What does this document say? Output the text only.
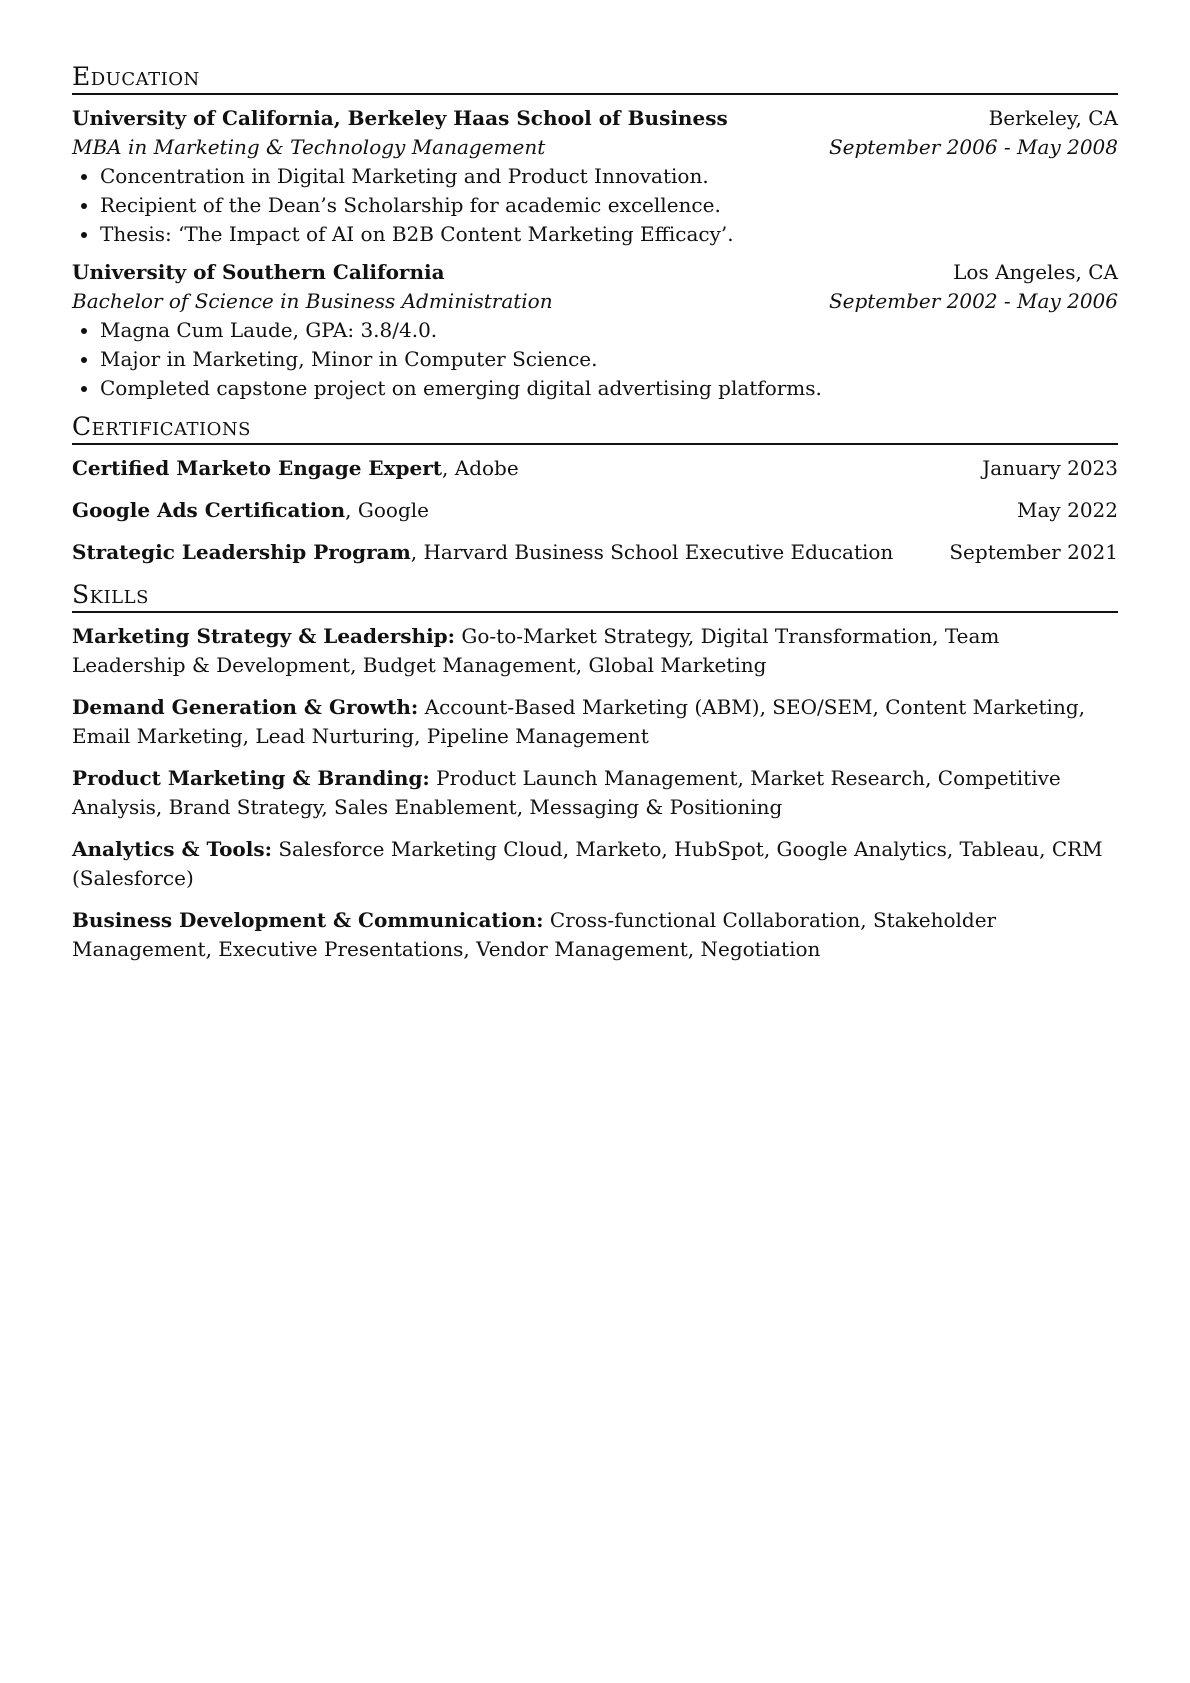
Education
University of California, Berkeley Haas School of Business	Berkeley, CA
MBA in Marketing & Technology Management	September 2006 - May 2008
• Concentration in Digital Marketing and Product Innovation.
• Recipient of the Dean’s Scholarship for academic excellence.
• Thesis: ‘The Impact of AI on B2B Content Marketing Efficacy’.
University of Southern California	Los Angeles, CA
Bachelor of Science in Business Administration	September 2002 - May 2006
• Magna Cum Laude, GPA: 3.8/4.0.
• Major in Marketing, Minor in Computer Science.
• Completed capstone project on emerging digital advertising platforms.
Certifications
Certified Marketo Engage Expert, Adobe	January 2023
Google Ads Certification, Google	May 2022
Strategic Leadership Program, Harvard Business School Executive Education	September 2021
Skills
Marketing Strategy & Leadership: Go-to-Market Strategy, Digital Transformation, Team Leadership & Development, Budget Management, Global Marketing
Demand Generation & Growth: Account-Based Marketing (ABM), SEO/SEM, Content Marketing, Email Marketing, Lead Nurturing, Pipeline Management
Product Marketing & Branding: Product Launch Management, Market Research, Competitive Analysis, Brand Strategy, Sales Enablement, Messaging & Positioning
Analytics & Tools: Salesforce Marketing Cloud, Marketo, HubSpot, Google Analytics, Tableau, CRM (Salesforce)
Business Development & Communication: Cross-functional Collaboration, Stakeholder Management, Executive Presentations, Vendor Management, Negotiation
